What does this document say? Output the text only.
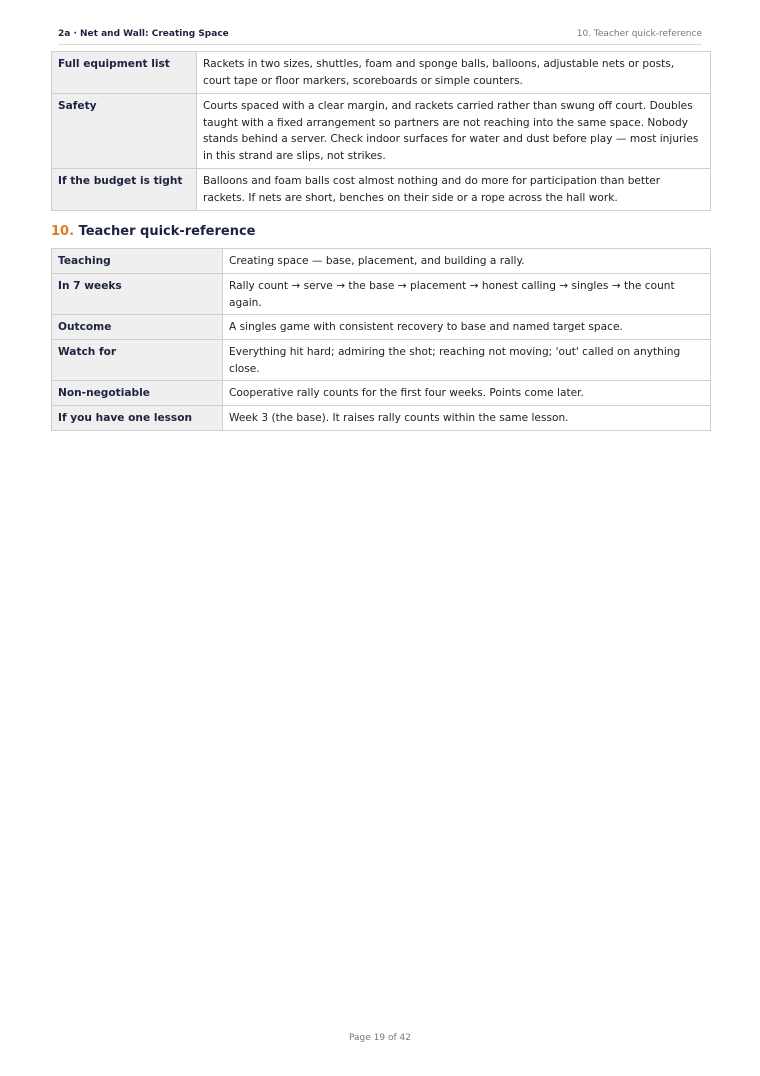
2a · Net and Wall: Creating Space	10. Teacher quick-reference
Full equipment list	Rackets in two sizes, shuttles, foam and sponge balls, balloons, adjustable nets or posts, court tape or floor markers, scoreboards or simple counters.
Safety	Courts spaced with a clear margin, and rackets carried rather than swung off court. Doubles taught with a fixed arrangement so partners are not reaching into the same space. Nobody stands behind a server. Check indoor surfaces for water and dust before play — most injuries in this strand are slips, not strikes.
If the budget is tight	Balloons and foam balls cost almost nothing and do more for participation than better rackets. If nets are short, benches on their side or a rope across the hall work.
10. Teacher quick-reference
Teaching	Creating space — base, placement, and building a rally.
In 7 weeks	Rally count → serve → the base → placement → honest calling → singles → the count again.
Outcome	A singles game with consistent recovery to base and named target space.
Watch for	Everything hit hard; admiring the shot; reaching not moving; 'out' called on anything close.
Non-negotiable	Cooperative rally counts for the first four weeks. Points come later.
If you have one lesson	Week 3 (the base). It raises rally counts within the same lesson.
Page 19 of 42
